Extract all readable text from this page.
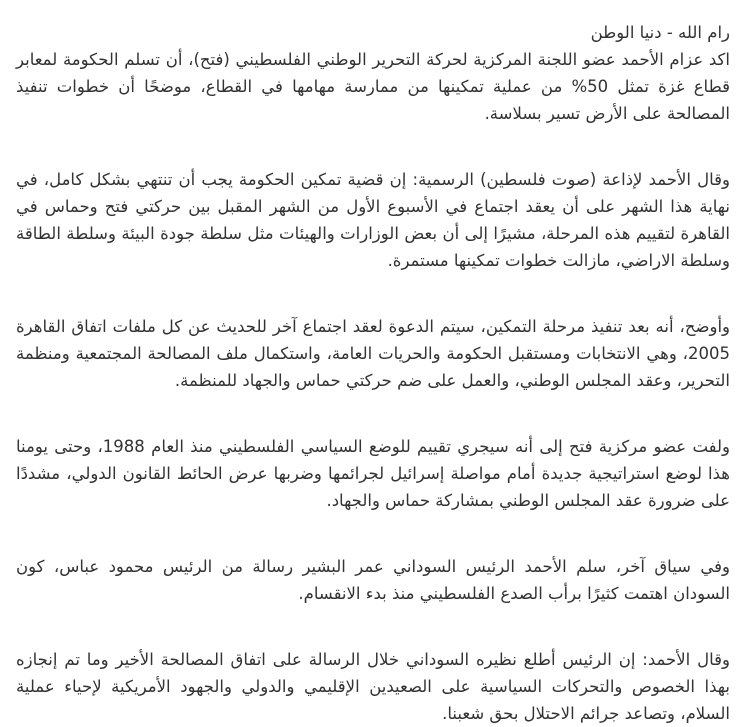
رام الله - دنيا الوطن

اكد عزام الأحمد عضو اللجنة المركزية لحركة التحرير الوطني الفلسطيني (فتح)، أن تسلم الحكومة لمعابر قطاع غزة تمثل 50% من عملية تمكينها من ممارسة مهامها في القطاع، موضحًا أن خطوات تنفيذ المصالحة على الأرض تسير بسلاسة.

وقال الأحمد لإذاعة (صوت فلسطين) الرسمية: إن قضية تمكين الحكومة يجب أن تنتهي بشكل كامل، في نهاية هذا الشهر على أن يعقد اجتماع في الأسبوع الأول من الشهر المقبل بين حركتي فتح وحماس في القاهرة لتقييم هذه المرحلة، مشيرًا إلى أن بعض الوزارات والهيئات مثل سلطة جودة البيئة وسلطة الطاقة وسلطة الاراضي، مازالت خطوات تمكينها مستمرة.

وأوضح، أنه بعد تنفيذ مرحلة التمكين، سيتم الدعوة لعقد اجتماع آخر للحديث عن كل ملفات اتفاق القاهرة 2005، وهي الانتخابات ومستقبل الحكومة والحريات العامة، واستكمال ملف المصالحة المجتمعية ومنظمة التحرير، وعقد المجلس الوطني، والعمل على ضم حركتي حماس والجهاد للمنظمة.

ولفت عضو مركزية فتح إلى أنه سيجري تقييم للوضع السياسي الفلسطيني منذ العام 1988، وحتى يومنا هذا لوضع استراتيجية جديدة أمام مواصلة إسرائيل لجرائمها وضربها عرض الحائط القانون الدولي، مشددًا على ضرورة عقد المجلس الوطني بمشاركة حماس والجهاد.

وفي سياق آخر، سلم الأحمد الرئيس السوداني عمر البشير رسالة من الرئيس محمود عباس، كون السودان اهتمت كثيرًا برأب الصدع الفلسطيني منذ بدء الانقسام.

وقال الأحمد: إن الرئيس أطلع نظيره السوداني خلال الرسالة على اتفاق المصالحة الأخير وما تم إنجازه بهذا الخصوص والتحركات السياسية على الصعيدين الإقليمي والدولي والجهود الأمريكية لإحياء عملية السلام، وتصاعد جرائم الاحتلال بحق شعبنا.
